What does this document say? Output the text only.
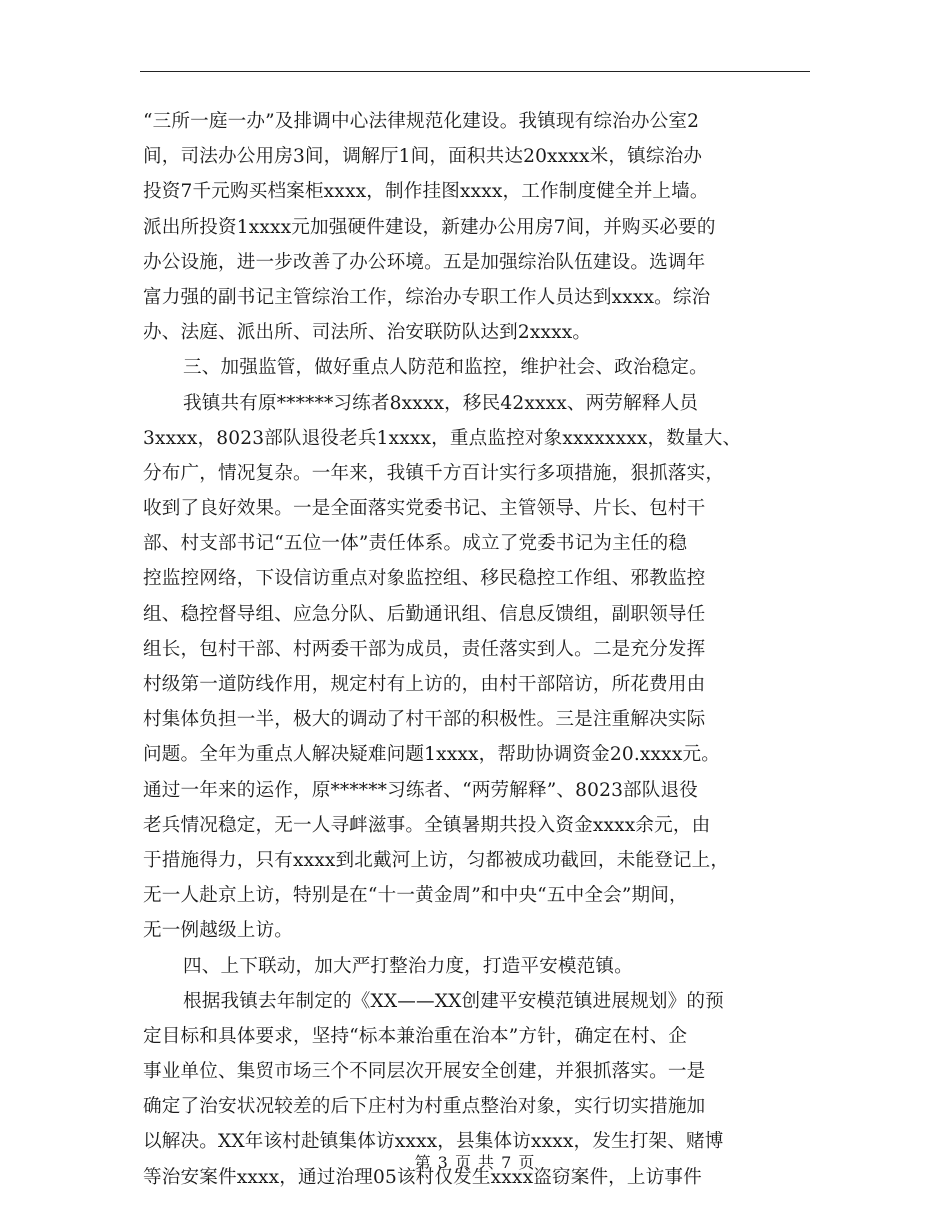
“三所一庭一办”及排调中心法律规范化建设。我镇现有综治办公室2
间，司法办公用房3间，调解厅1间，面积共达20xxxx米，镇综治办
投资7千元购买档案柜xxxx，制作挂图xxxx，工作制度健全并上墙。
派出所投资1xxxx元加强硬件建设，新建办公用房7间，并购买必要的
办公设施，进一步改善了办公环境。五是加强综治队伍建设。选调年
富力强的副书记主管综治工作，综治办专职工作人员达到xxxx。综治
办、法庭、派出所、司法所、治安联防队达到2xxxx。
三、加强监管，做好重点人防范和监控，维护社会、政治稳定。
我镇共有原******习练者8xxxx，移民42xxxx、两劳解释人员
3xxxx，8023部队退役老兵1xxxx，重点监控对象xxxxxxxx，数量大、
分布广，情况复杂。一年来，我镇千方百计实行多项措施，狠抓落实，
收到了良好效果。一是全面落实党委书记、主管领导、片长、包村干
部、村支部书记“五位一体”责任体系。成立了党委书记为主任的稳
控监控网络，下设信访重点对象监控组、移民稳控工作组、邪教监控
组、稳控督导组、应急分队、后勤通讯组、信息反馈组，副职领导任
组长，包村干部、村两委干部为成员，责任落实到人。二是充分发挥
村级第一道防线作用，规定村有上访的，由村干部陪访，所花费用由
村集体负担一半，极大的调动了村干部的积极性。三是注重解决实际
问题。全年为重点人解决疑难问题1xxxx，帮助协调资金20.xxxx元。
通过一年来的运作，原******习练者、“两劳解释”、8023部队退役
老兵情况稳定，无一人寻衅滋事。全镇暑期共投入资金xxxx余元，由
于措施得力，只有xxxx到北戴河上访，匀都被成功截回，未能登记上，
无一人赴京上访，特别是在“十一黄金周”和中央“五中全会”期间，
无一例越级上访。
四、上下联动，加大严打整治力度，打造平安模范镇。
根据我镇去年制定的《XX——XX创建平安模范镇进展规划》的预
定目标和具体要求，坚持“标本兼治重在治本”方针，确定在村、企
事业单位、集贸市场三个不同层次开展安全创建，并狠抓落实。一是
确定了治安状况较差的后下庄村为村重点整治对象，实行切实措施加
以解决。XX年该村赴镇集体访xxxx，县集体访xxxx，发生打架、赌博
等治安案件xxxx，通过治理05该村仅发生xxxx盗窃案件，上访事件
第 3 页 共 7 页
